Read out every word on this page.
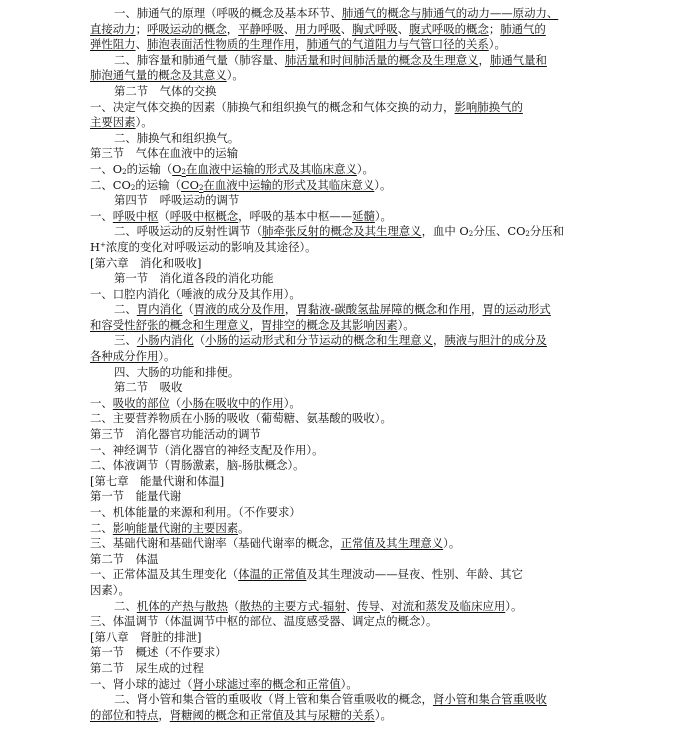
一、肺通气的原理（呼吸的概念及基本环节、肺通气的概念与肺通气的动力——原动力、
直接动力；呼吸运动的概念，平静呼吸、用力呼吸、胸式呼吸、腹式呼吸的概念；肺通气的
弹性阻力、肺泡表面活性物质的生理作用，肺通气的气道阻力与气管口径的关系）。
二、肺容量和肺通气量（肺容量、肺活量和时间肺活量的概念及生理意义，肺通气量和
肺泡通气量的概念及其意义）。
第二节　气体的交换
一、决定气体交换的因素（肺换气和组织换气的概念和气体交换的动力，影响肺换气的
主要因素）。
二、肺换气和组织换气。
第三节　气体在血液中的运输
一、$O_2$的运输（$O_2$在血液中运输的形式及其临床意义）。
二、$CO_2$的运输（$CO_2$在血液中运输的形式及其临床意义）。
第四节　呼吸运动的调节
一、呼吸中枢（呼吸中枢概念，呼吸的基本中枢——延髓）。
二、呼吸运动的反射性调节（肺牵张反射的概念及其生理意义，血中 $O_2$分压、$CO_2$分压和
H+浓度的变化对呼吸运动的影响及其途径）。
[第六章　消化和吸收]
第一节　消化道各段的消化功能
一、口腔内消化（唾液的成分及其作用）。
二、胃内消化（胃液的成分及作用，胃黏液-碳酸氢盐屏障的概念和作用，胃的运动形式
和容受性舒张的概念和生理意义，胃排空的概念及其影响因素）。
三、小肠内消化（小肠的运动形式和分节运动的概念和生理意义，胰液与胆汁的成分及
各种成分作用）。
四、大肠的功能和排便。
第二节　吸收
一、吸收的部位（小肠在吸收中的作用）。
二、主要营养物质在小肠的吸收（葡萄糖、氨基酸的吸收）。
第三节　消化器官功能活动的调节
一、神经调节（消化器官的神经支配及作用）。
二、体液调节（胃肠激素，脑-肠肽概念）。
[第七章　能量代谢和体温]
第一节　能量代谢
一、机体能量的来源和利用。（不作要求）
二、影响能量代谢的主要因素。
三、基础代谢和基础代谢率（基础代谢率的概念，正常值及其生理意义）。
第二节　体温
一、正常体温及其生理变化（体温的正常值及其生理波动——昼夜、性别、年龄、其它
因素）。
二、机体的产热与散热（散热的主要方式-辐射、传导、对流和蒸发及临床应用）。
三、体温调节（体温调节中枢的部位、温度感受器、调定点的概念）。
[第八章　肾脏的排泄]
第一节　概述（不作要求）
第二节　尿生成的过程
一、肾小球的滤过（肾小球滤过率的概念和正常值）。
二、肾小管和集合管的重吸收（肾上管和集合管重吸收的概念，肾小管和集合管重吸收
的部位和特点，肾糖阈的概念和正常值及其与尿糖的关系）。
